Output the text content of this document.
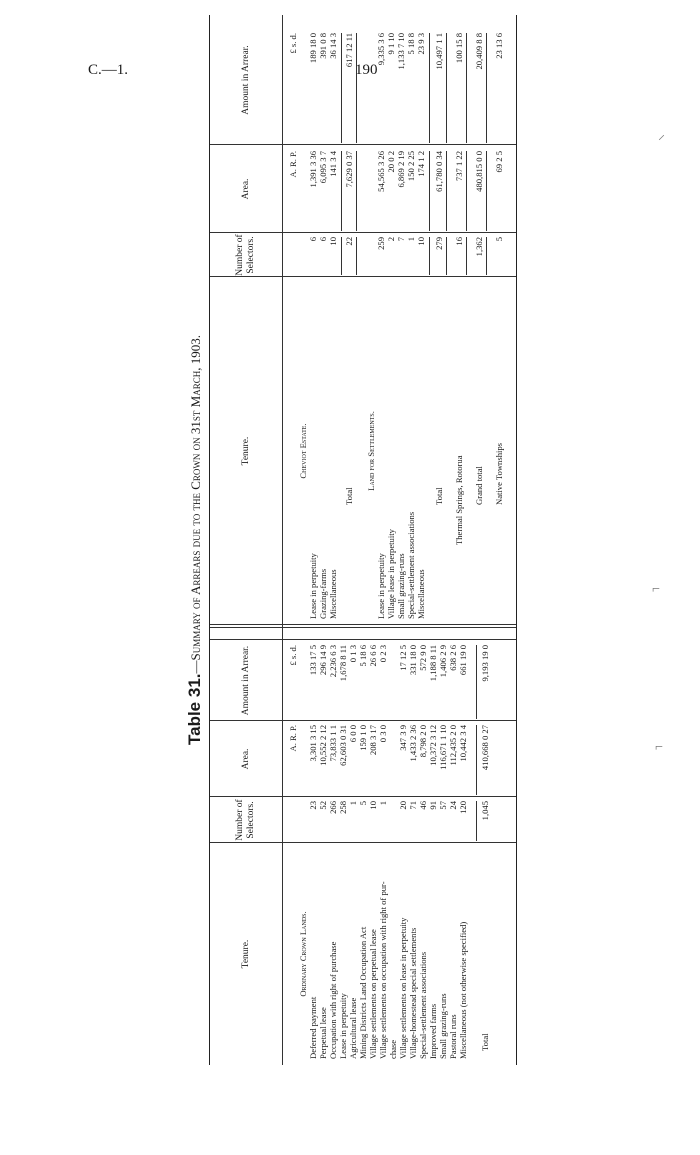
C.—1.	190
Table 31.—Summary of Arrears due to the Crown on 31st March, 1903.
Tenure.
Number of Selectors.
Area.
Amount in Arrear.
Tenure.
Number of Selectors.
Area.
Amount in Arrear.
A. R. P.
£ s. d.
A. R. P.
£ s. d.
Ordinary Crown Lands.
Deferred payment
23
3,301 3 15
133 17 5
Perpetual lease
52
10,552 2 12
296 14 9
Occupation with right of purchase
266
73,833 1 1
2,236 6 3
Lease in perpetuity
258
62,603 0 31
1,678 8 11
Agricultural lease
1
6 0 0
0 1 3
Mining Districts Land Occupation Act
5
159 1 0
5 18 6
Village settlements on perpetual lease
10
208 3 17
26 6 6
Village settlements on occupation with right of pur-
1
0 3 0
0 2 3
chase Village settlements on lease in perpetuity
20
347 3 9
17 12 5
Village-homestead special settlements
71
1,433 2 36
331 18 0
Special-settlement associations
46
8,798 2 0
572 9 0
Improved farms
91
10,372 3 12
1,188 8 11
Small grazing-runs
57
116,671 1 10
1,406 2 9
Pastoral runs
24
112,435 2 0
638 2 6
Miscellaneous (not otherwise specified)
120
10,442 3 4
661 19 0
Total
1,045
410,668 0 27
9,193 19 0
Cheviot Estate.
Lease in perpetuity
6
1,391 3 36
189 18 0
Grazing-farms
6
6,095 3 7
391 0 8
Miscellaneous
10
141 3 4
36 14 3
Total
22
7,629 0 37
617 12 11
Land for Settlements.
Lease in perpetuity
259
54,565 3 26
9,335 3 6
Village lease in perpetuity
2
20 0 2
9 1 10
Small grazing-runs
7
6,869 2 19
1,133 7 10
Special-settlement associations
1
150 2 25
5 18 8
Miscellaneous
10
174 1 2
23 9 3
Total
279
61,780 0 34
10,497 1 1
Thermal Springs, Rotorua
16
737 1 22
100 15 8
Grand total
1,362
480,815 0 0
20,409 8 8
Native Townships
5
69 2 5
23 13 6
⸝
⌐
⌐
